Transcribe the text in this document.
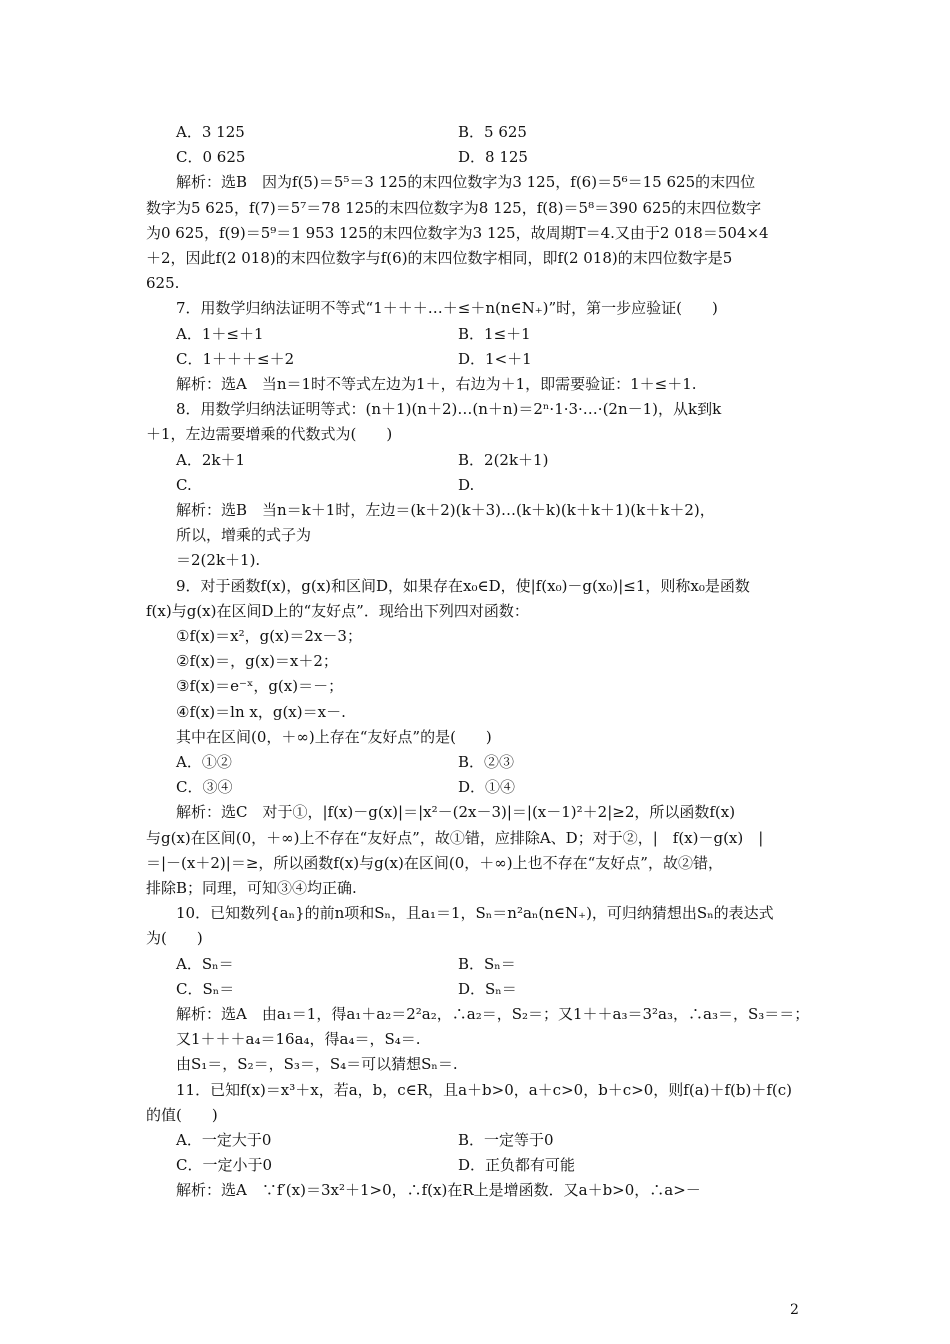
A．3 125	B．5 625
C．0 625	D．8 125
解析：选B　因为f(5)＝5⁵＝3 125的末四位数字为3 125，f(6)＝5⁶＝15 625的末四位
数字为5 625，f(7)＝5⁷＝78 125的末四位数字为8 125，f(8)＝5⁸＝390 625的末四位数字
为0 625，f(9)＝5⁹＝1 953 125的末四位数字为3 125，故周期T＝4.又由于2 018＝504×4
＋2，因此f(2 018)的末四位数字与f(6)的末四位数字相同，即f(2 018)的末四位数字是5
625.
7．用数学归纳法证明不等式“1＋＋＋…＋≤＋n(n∈N₊)”时，第一步应验证(　　)
A．1＋≤＋1	B．1≤＋1
C．1＋＋＋≤＋2	D．1<＋1
解析：选A　当n＝1时不等式左边为1＋，右边为＋1，即需要验证：1＋≤＋1.
8．用数学归纳法证明等式：(n＋1)(n＋2)…(n＋n)＝2ⁿ·1·3·…·(2n－1)，从k到k
＋1，左边需要增乘的代数式为(　　)
A．2k＋1	B．2(2k＋1)
C.	D.
解析：选B　当n＝k＋1时，左边＝(k＋2)(k＋3)…(k＋k)(k＋k＋1)(k＋k＋2)，
所以，增乘的式子为
＝2(2k＋1).
9．对于函数f(x)，g(x)和区间D，如果存在x₀∈D，使|f(x₀)－g(x₀)|≤1，则称x₀是函数
f(x)与g(x)在区间D上的“友好点”．现给出下列四对函数：
①f(x)＝x²，g(x)＝2x－3；
②f(x)＝，g(x)＝x＋2；
③f(x)＝e⁻ˣ，g(x)＝－；
④f(x)＝ln x，g(x)＝x－.
其中在区间(0，＋∞)上存在“友好点”的是(　　)
A．①②	B．②③
C．③④	D．①④
解析：选C　对于①，|f(x)－g(x)|＝|x²－(2x－3)|＝|(x－1)²＋2|≥2，所以函数f(x)
与g(x)在区间(0，＋∞)上不存在“友好点”，故①错，应排除A、D；对于②，|　f(x)－g(x)　|
＝|－(x＋2)|＝≥，所以函数f(x)与g(x)在区间(0，＋∞)上也不存在“友好点”，故②错，
排除B；同理，可知③④均正确.
10．已知数列{aₙ}的前n项和Sₙ，且a₁＝1，Sₙ＝n²aₙ(n∈N₊)，可归纳猜想出Sₙ的表达式
为(　　)
A．Sₙ＝	B．Sₙ＝
C．Sₙ＝	D．Sₙ＝
解析：选A　由a₁＝1，得a₁＋a₂＝2²a₂，∴a₂＝，S₂＝；又1＋＋a₃＝3²a₃，∴a₃＝，S₃＝＝；
又1＋＋＋a₄＝16a₄，得a₄＝，S₄＝.
由S₁＝，S₂＝，S₃＝，S₄＝可以猜想Sₙ＝.
11．已知f(x)＝x³＋x，若a，b，c∈R，且a＋b>0，a＋c>0，b＋c>0，则f(a)＋f(b)＋f(c)
的值(　　)
A．一定大于0	B．一定等于0
C．一定小于0	D．正负都有可能
解析：选A　∵f′(x)＝3x²＋1>0，∴f(x)在R上是增函数．又a＋b>0，∴a>－
2
